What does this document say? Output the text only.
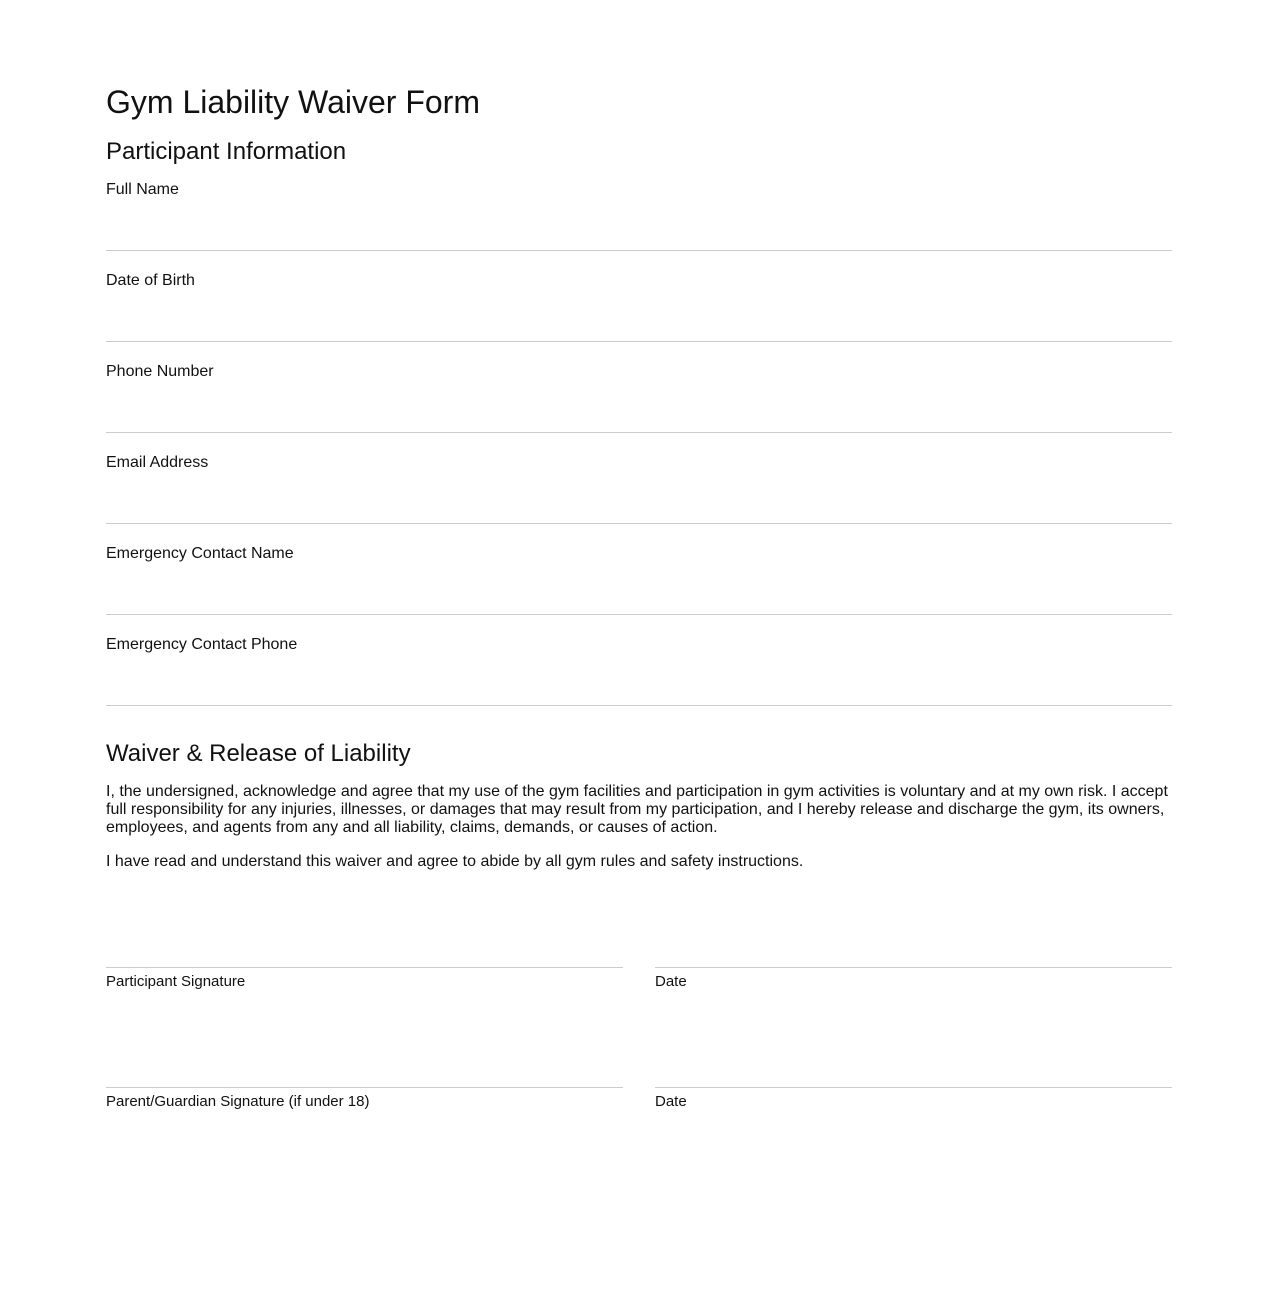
Gym Liability Waiver Form
Participant Information
Full Name
Date of Birth
Phone Number
Email Address
Emergency Contact Name
Emergency Contact Phone
Waiver & Release of Liability

I, the undersigned, acknowledge and agree that my use of the gym facilities and participation in gym activities is voluntary and at my own risk. I accept full responsibility for any injuries, illnesses, or damages that may result from my participation, and I hereby release and discharge the gym, its owners, employees, and agents from any and all liability, claims, demands, or causes of action.

I have read and understand this waiver and agree to abide by all gym rules and safety instructions.

Participant Signature	Date
Parent/Guardian Signature (if under 18)	Date
